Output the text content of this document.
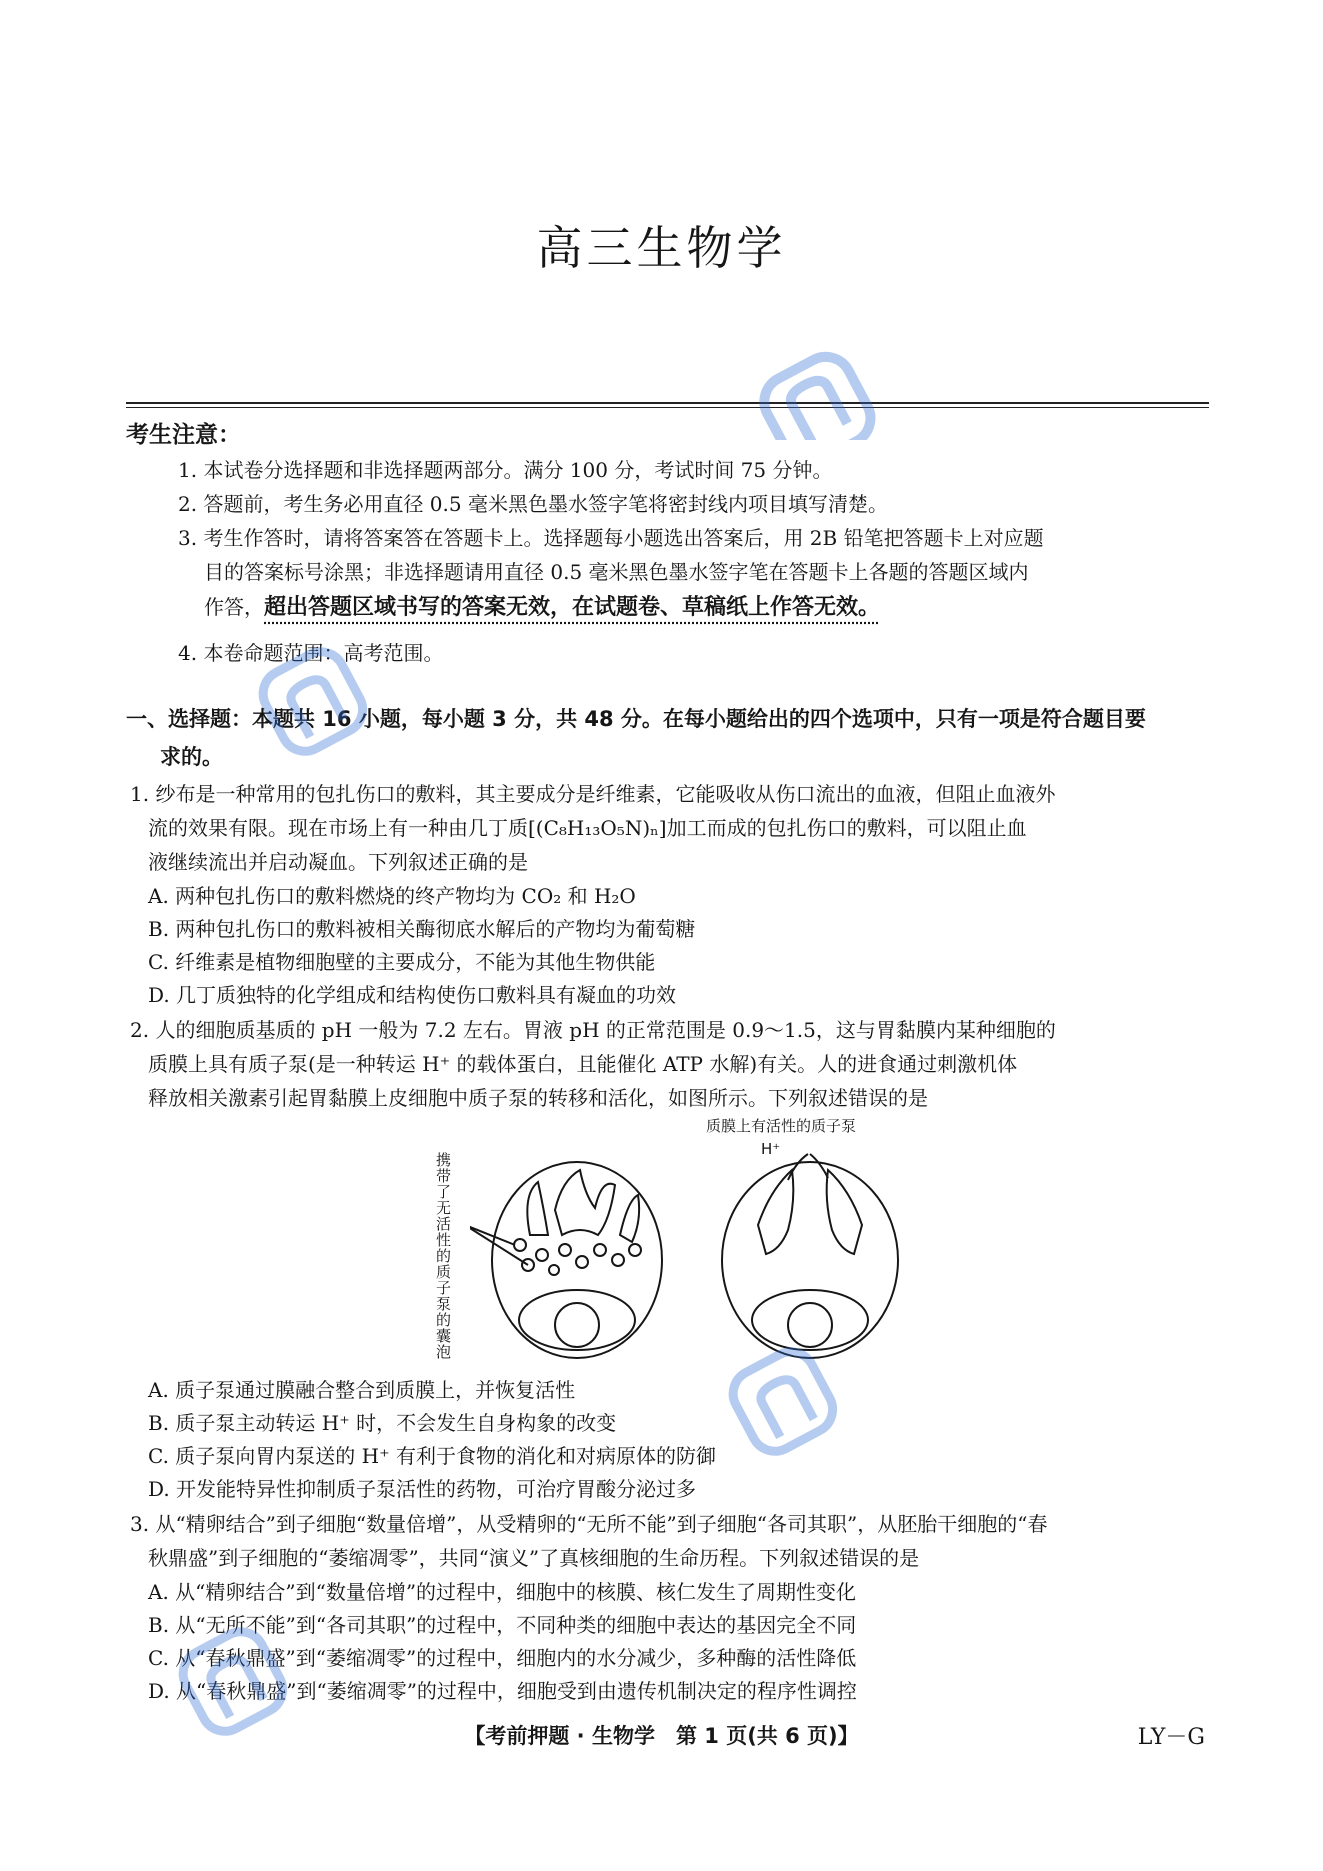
高三生物学
考生注意：
1. 本试卷分选择题和非选择题两部分。满分 100 分，考试时间 75 分钟。
2. 答题前，考生务必用直径 0.5 毫米黑色墨水签字笔将密封线内项目填写清楚。
3. 考生作答时，请将答案答在答题卡上。选择题每小题选出答案后，用 2B 铅笔把答题卡上对应题
目的答案标号涂黑；非选择题请用直径 0.5 毫米黑色墨水签字笔在答题卡上各题的答题区域内
作答，超出答题区域书写的答案无效，在试题卷、草稿纸上作答无效。
4. 本卷命题范围：高考范围。
一、选择题：本题共 16 小题，每小题 3 分，共 48 分。在每小题给出的四个选项中，只有一项是符合题目要
求的。
1. 纱布是一种常用的包扎伤口的敷料，其主要成分是纤维素，它能吸收从伤口流出的血液，但阻止血液外
流的效果有限。现在市场上有一种由几丁质[(C₈H₁₃O₅N)ₙ]加工而成的包扎伤口的敷料，可以阻止血
液继续流出并启动凝血。下列叙述正确的是
A. 两种包扎伤口的敷料燃烧的终产物均为 CO₂ 和 H₂O
B. 两种包扎伤口的敷料被相关酶彻底水解后的产物均为葡萄糖
C. 纤维素是植物细胞壁的主要成分，不能为其他生物供能
D. 几丁质独特的化学组成和结构使伤口敷料具有凝血的功效
2. 人的细胞质基质的 pH 一般为 7.2 左右。胃液 pH 的正常范围是 0.9～1.5，这与胃黏膜内某种细胞的
质膜上具有质子泵(是一种转运 H⁺ 的载体蛋白，且能催化 ATP 水解)有关。人的进食通过刺激机体
释放相关激素引起胃黏膜上皮细胞中质子泵的转移和活化，如图所示。下列叙述错误的是
携带了无活性的质子泵的囊泡
质膜上有活性的质子泵
H⁺
A. 质子泵通过膜融合整合到质膜上，并恢复活性
B. 质子泵主动转运 H⁺ 时，不会发生自身构象的改变
C. 质子泵向胃内泵送的 H⁺ 有利于食物的消化和对病原体的防御
D. 开发能特异性抑制质子泵活性的药物，可治疗胃酸分泌过多
3. 从“精卵结合”到子细胞“数量倍增”，从受精卵的“无所不能”到子细胞“各司其职”，从胚胎干细胞的“春
秋鼎盛”到子细胞的“萎缩凋零”，共同“演义”了真核细胞的生命历程。下列叙述错误的是
A. 从“精卵结合”到“数量倍增”的过程中，细胞中的核膜、核仁发生了周期性变化
B. 从“无所不能”到“各司其职”的过程中，不同种类的细胞中表达的基因完全不同
C. 从“春秋鼎盛”到“萎缩凋零”的过程中，细胞内的水分减少，多种酶的活性降低
D. 从“春秋鼎盛”到“萎缩凋零”的过程中，细胞受到由遗传机制决定的程序性调控
【考前押题 · 生物学　第 1 页(共 6 页)】	LY－G
